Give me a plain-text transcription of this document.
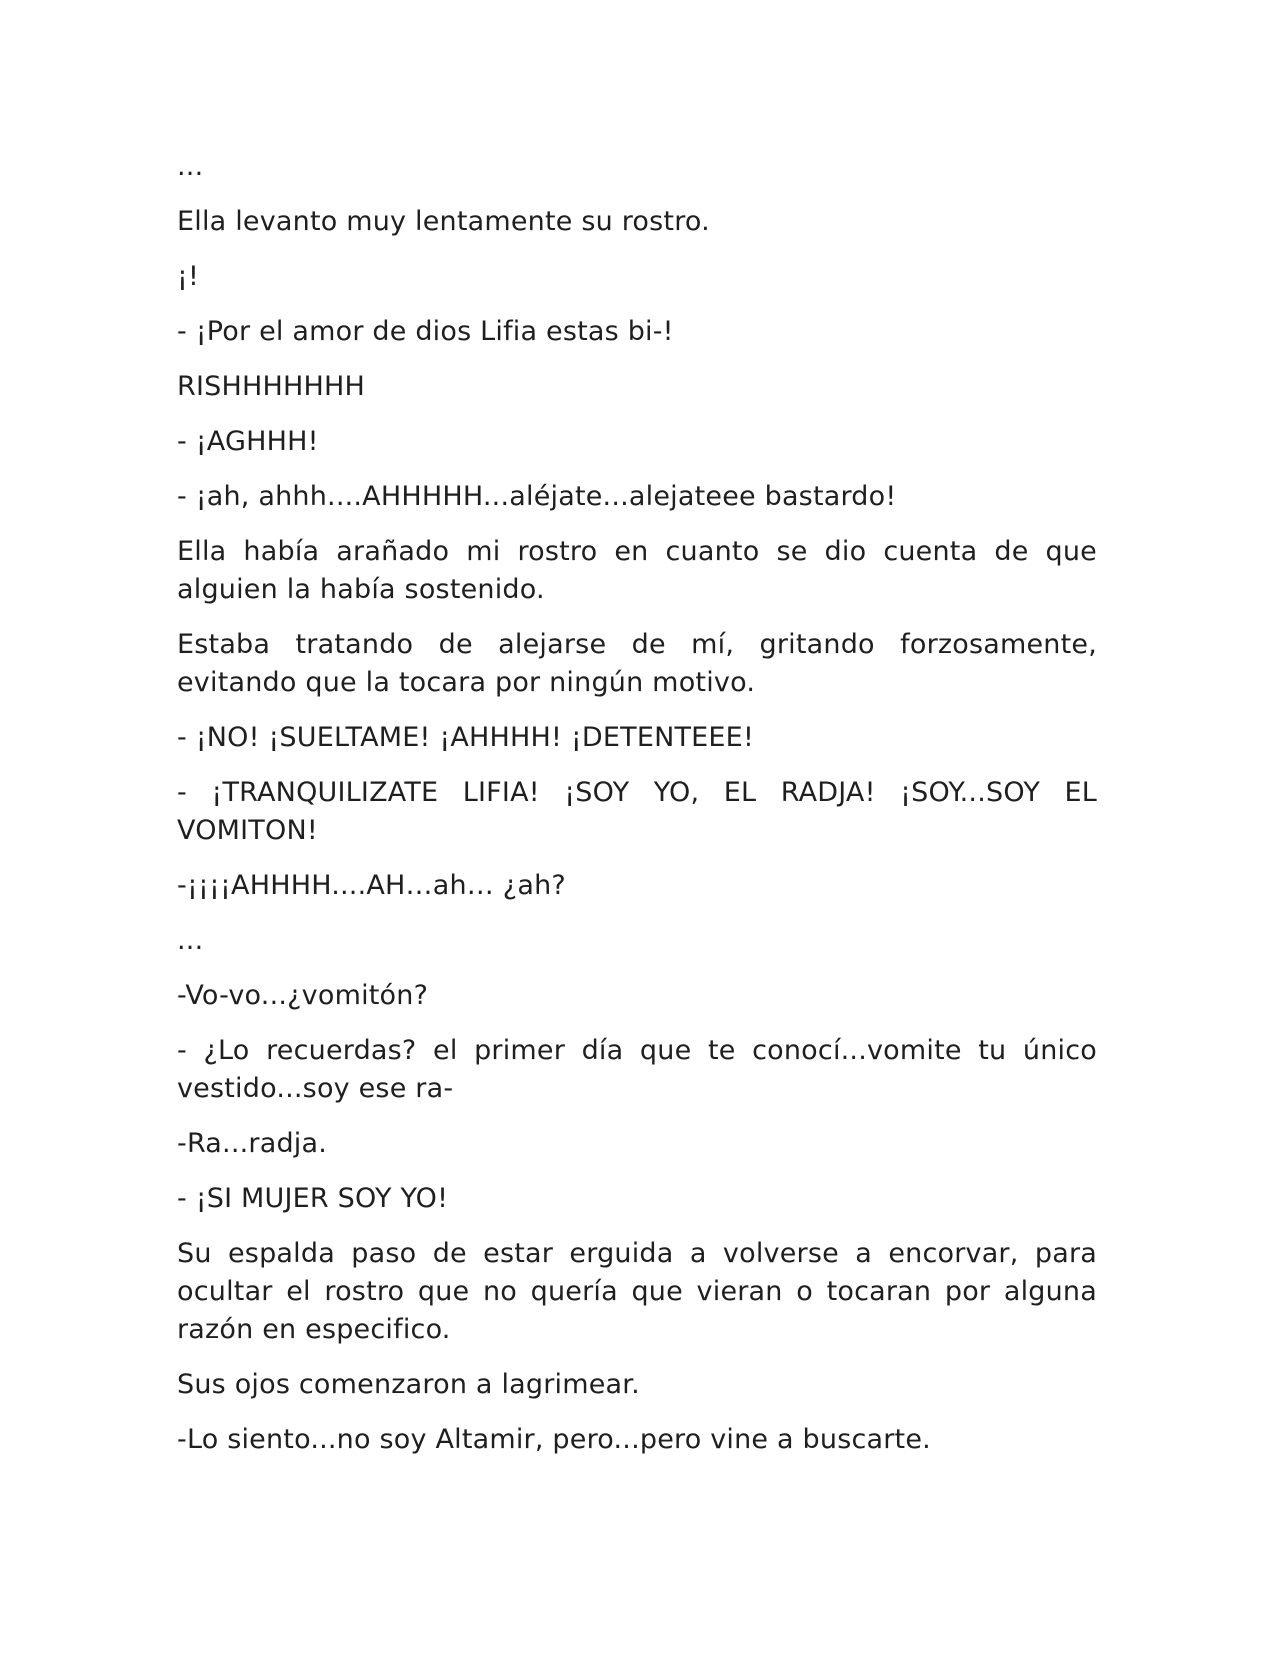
...

Ella levanto muy lentamente su rostro.

¡!

- ¡Por el amor de dios Lifia estas bi-!

RISHHHHHHH

- ¡AGHHH!

- ¡ah, ahhh....AHHHHH...aléjate...alejateee bastardo!

Ella había arañado mi rostro en cuanto se dio cuenta de que alguien la había sostenido.

Estaba tratando de alejarse de mí, gritando forzosamente, evitando que la tocara por ningún motivo.

- ¡NO! ¡SUELTAME! ¡AHHHH! ¡DETENTEEE!

- ¡TRANQUILIZATE LIFIA! ¡SOY YO, EL RADJA! ¡SOY...SOY EL VOMITON!

-¡¡¡¡AHHHH....AH…ah… ¿ah?

...

-Vo-vo...¿vomitón?

- ¿Lo recuerdas? el primer día que te conocí...vomite tu único vestido...soy ese ra-

-Ra...radja.

- ¡SI MUJER SOY YO!

Su espalda paso de estar erguida a volverse a encorvar, para ocultar el rostro que no quería que vieran o tocaran por alguna razón en especifico.

Sus ojos comenzaron a lagrimear.

-Lo siento...no soy Altamir, pero...pero vine a buscarte.
